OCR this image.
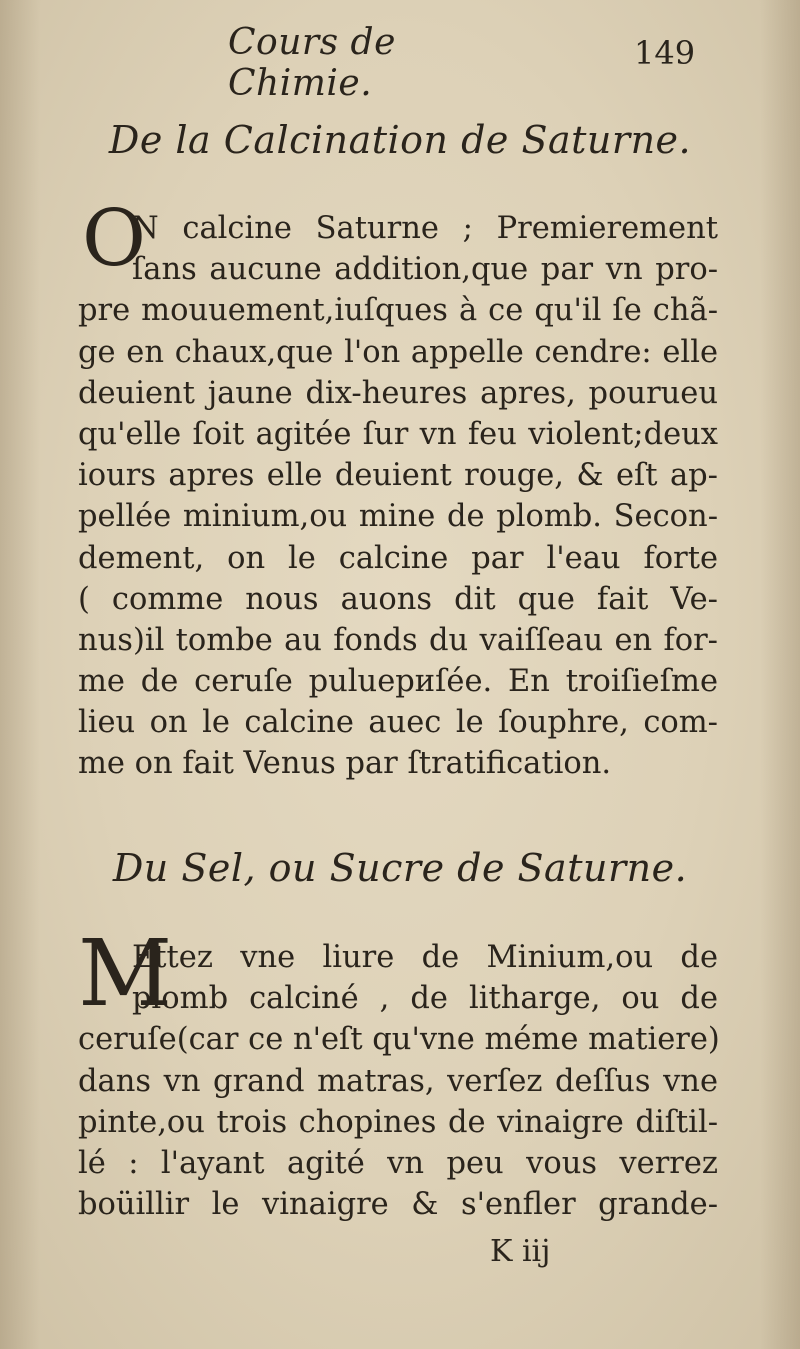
Cours de Chimie.
149
De la Calcination de Saturne.
O
N calcine Saturne ; Premierement
ſans aucune addition,que par vn pro-
pre mouuement,iuſques à ce qu'il ſe chã-
ge en chaux,que l'on appelle cendre: elle
deuient jaune dix-heures apres, pourueu
qu'elle ſoit agitée ſur vn feu violent;deux
iours apres elle deuient rouge, & eſt ap-
pellée minium,ou mine de plomb. Secon-
dement, on le calcine par l'eau forte
( comme nous auons dit que fait Ve-
nus)il tombe au fonds du vaiſſeau en for-
me de ceruſe puluериſée. En troiſieſme
lieu on le calcine auec le ſouphre, com-
me on fait Venus par ſtratification.
Du Sel, ou Sucre de Saturne.
M
Ettez vne liure de Minium,ou de
plomb calciné , de litharge, ou de
ceruſe(car ce n'eſt qu'vne méme matiere)
dans vn grand matras, verſez deſſus vne
pinte,ou trois chopines de vinaigre diſtil-
lé : l'ayant agité vn peu vous verrez
boüillir le vinaigre & s'enfler grande-
K iij
